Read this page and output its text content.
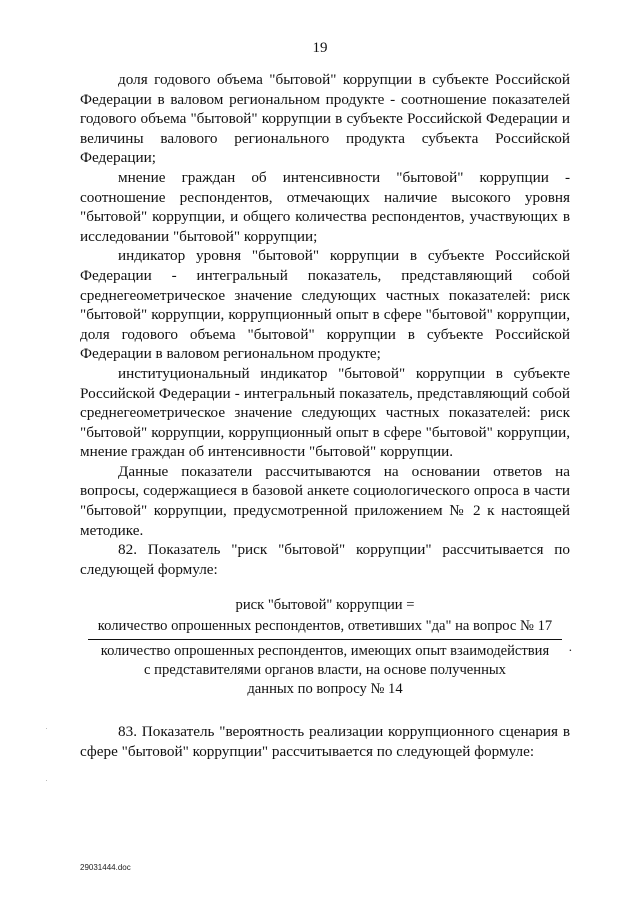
19

доля годового объема "бытовой" коррупции в субъекте Российской Федерации в валовом региональном продукте - соотношение показателей годового объема "бытовой" коррупции в субъекте Российской Федерации и величины валового регионального продукта субъекта Российской Федерации;

мнение граждан об интенсивности "бытовой" коррупции - соотношение респондентов, отмечающих наличие высокого уровня "бытовой" коррупции, и общего количества респондентов, участвующих в исследовании "бытовой" коррупции;

индикатор уровня "бытовой" коррупции в субъекте Российской Федерации - интегральный показатель, представляющий собой среднегеометрическое значение следующих частных показателей: риск "бытовой" коррупции, коррупционный опыт в сфере "бытовой" коррупции, доля годового объема "бытовой" коррупции в субъекте Российской Федерации в валовом региональном продукте;

институциональный индикатор "бытовой" коррупции в субъекте Российской Федерации - интегральный показатель, представляющий собой среднегеометрическое значение следующих частных показателей: риск "бытовой" коррупции, коррупционный опыт в сфере "бытовой" коррупции, мнение граждан об интенсивности "бытовой" коррупции.

Данные показатели рассчитываются на основании ответов на вопросы, содержащиеся в базовой анкете социологического опроса в части "бытовой" коррупции, предусмотренной приложением № 2 к настоящей методике.

82. Показатель "риск "бытовой" коррупции" рассчитывается по следующей формуле:

риск "бытовой" коррупции =
количество опрошенных респондентов, ответивших "да" на вопрос № 17
.
количество опрошенных респондентов, имеющих опыт взаимодействия
с представителями органов власти, на основе полученных
данных по вопросу № 14

83. Показатель "вероятность реализации коррупционного сценария в сфере "бытовой" коррупции" рассчитывается по следующей формуле:

29031444.doc
